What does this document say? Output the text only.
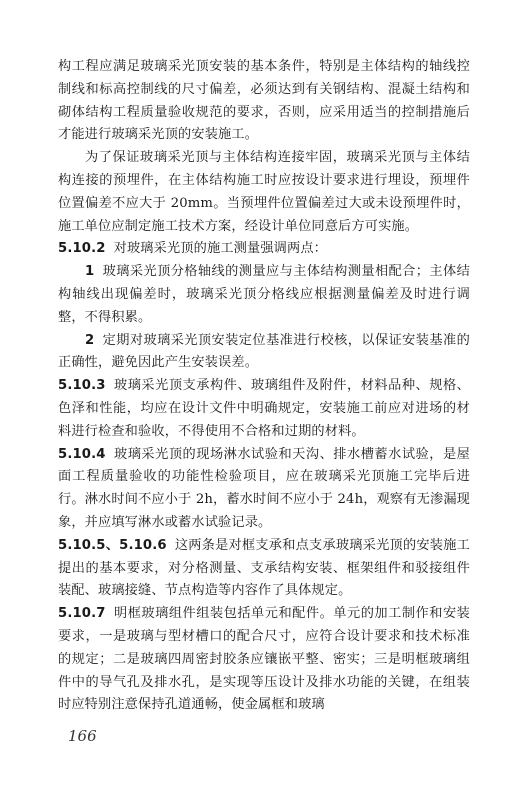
构工程应满足玻璃采光顶安装的基本条件，特别是主体结构的轴线控制线和标高控制线的尺寸偏差，必须达到有关钢结构、混凝土结构和砌体结构工程质量验收规范的要求，否则，应采用适当的控制措施后才能进行玻璃采光顶的安装施工。

为了保证玻璃采光顶与主体结构连接牢固，玻璃采光顶与主体结构连接的预埋件，在主体结构施工时应按设计要求进行埋设，预埋件位置偏差不应大于 20mm。当预埋件位置偏差过大或未设预埋件时，施工单位应制定施工技术方案，经设计单位同意后方可实施。

5.10.2 对玻璃采光顶的施工测量强调两点：

1 玻璃采光顶分格轴线的测量应与主体结构测量相配合；主体结构轴线出现偏差时，玻璃采光顶分格线应根据测量偏差及时进行调整，不得积累。

2 定期对玻璃采光顶安装定位基准进行校核，以保证安装基准的正确性，避免因此产生安装误差。

5.10.3 玻璃采光顶支承构件、玻璃组件及附件，材料品种、规格、色泽和性能，均应在设计文件中明确规定，安装施工前应对进场的材料进行检查和验收，不得使用不合格和过期的材料。

5.10.4 玻璃采光顶的现场淋水试验和天沟、排水槽蓄水试验，是屋面工程质量验收的功能性检验项目，应在玻璃采光顶施工完毕后进行。淋水时间不应小于 2h，蓄水时间不应小于 24h，观察有无渗漏现象，并应填写淋水或蓄水试验记录。

5.10.5、5.10.6 这两条是对框支承和点支承玻璃采光顶的安装施工提出的基本要求，对分格测量、支承结构安装、框架组件和驳接组件装配、玻璃接缝、节点构造等内容作了具体规定。

5.10.7 明框玻璃组件组装包括单元和配件。单元的加工制作和安装要求，一是玻璃与型材槽口的配合尺寸，应符合设计要求和技术标准的规定；二是玻璃四周密封胶条应镶嵌平整、密实；三是明框玻璃组件中的导气孔及排水孔，是实现等压设计及排水功能的关键，在组装时应特别注意保持孔道通畅，使金属框和玻璃

166
